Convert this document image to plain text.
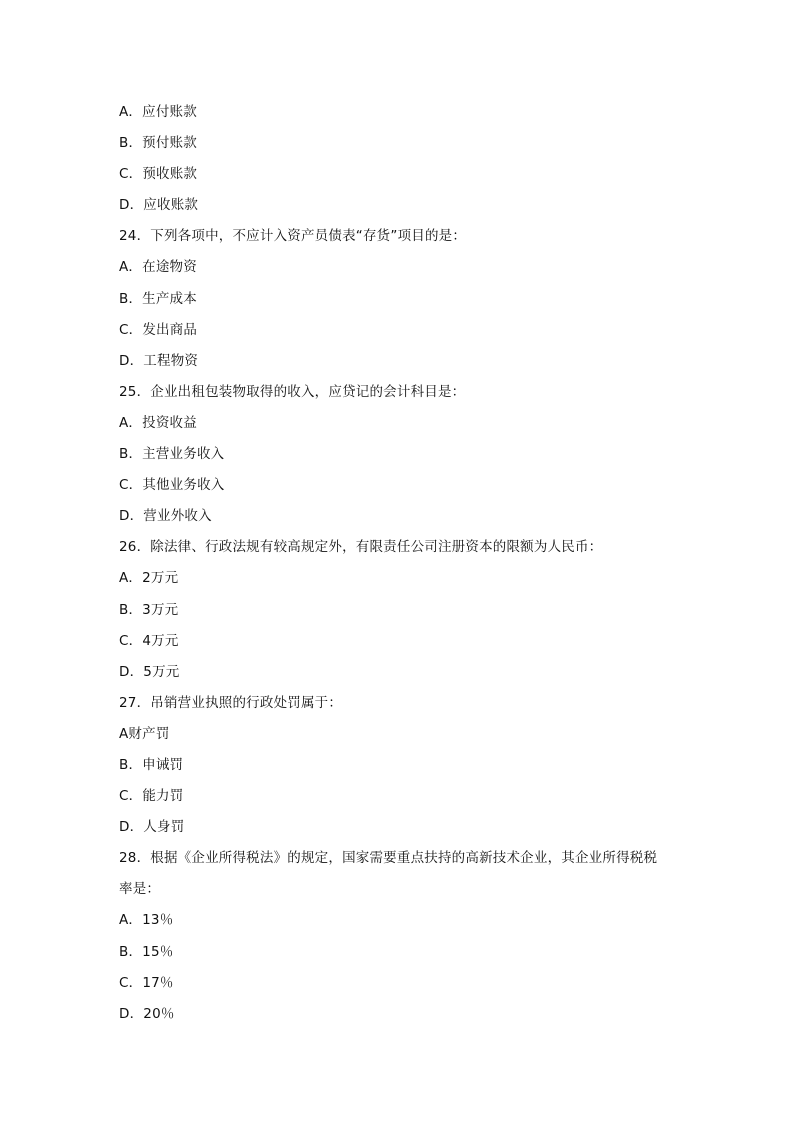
A．应付账款
B．预付账款
C．预收账款
D．应收账款
24．下列各项中，不应计入资产员债表“存货”项目的是：
A．在途物资
B．生产成本
C．发出商品
D．工程物资
25．企业出租包装物取得的收入，应贷记的会计科目是：
A．投资收益
B．主营业务收入
C．其他业务收入
D．营业外收入
26．除法律、行政法规有较高规定外，有限责任公司注册资本的限额为人民币：
A．2万元
B．3万元
C．4万元
D．5万元
27．吊销营业执照的行政处罚属于：
A财产罚
B．申诫罚
C．能力罚
D．人身罚
28．根据《企业所得税法》的规定，国家需要重点扶持的高新技术企业，其企业所得税税
率是：
A．13％
B．15％
C．17％
D．20％
